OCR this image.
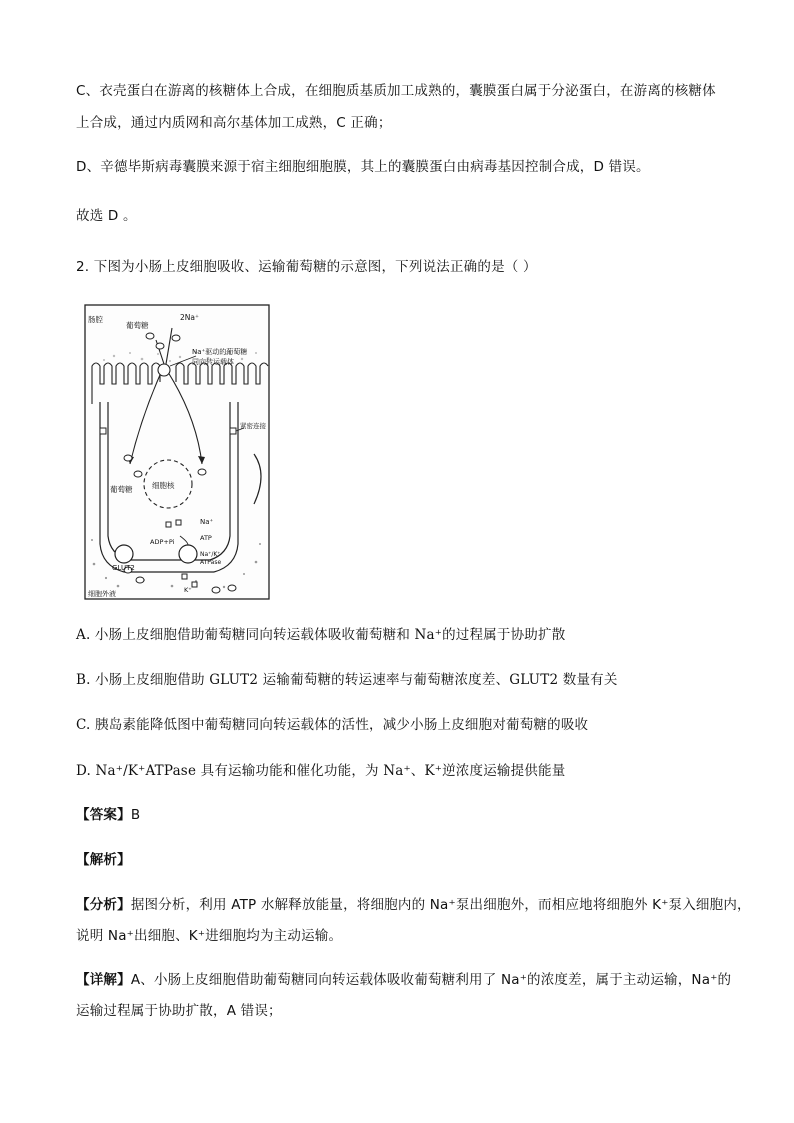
C、衣壳蛋白在游离的核糖体上合成，在细胞质基质加工成熟的，囊膜蛋白属于分泌蛋白，在游离的核糖体
上合成，通过内质网和高尔基体加工成熟，C 正确；
D、辛德毕斯病毒囊膜来源于宿主细胞细胞膜，其上的囊膜蛋白由病毒基因控制合成，D 错误。
故选 D 。
2. 下图为小肠上皮细胞吸收、运输葡萄糖的示意图，下列说法正确的是（ ）
肠腔
葡萄糖
2Na⁺
Na⁺驱动的葡萄糖
同向转运载体
紧密连接
细胞核
葡萄糖
Na⁺
ADP+Pi	ATP
GLUT2
Na⁺/K⁺
ATPase
K⁺
细胞外液
A. 小肠上皮细胞借助葡萄糖同向转运载体吸收葡萄糖和 Na⁺的过程属于协助扩散
B. 小肠上皮细胞借助 GLUT2 运输葡萄糖的转运速率与葡萄糖浓度差、GLUT2 数量有关
C. 胰岛素能降低图中葡萄糖同向转运载体的活性，减少小肠上皮细胞对葡萄糖的吸收
D. Na⁺/K⁺ATPase 具有运输功能和催化功能，为 Na⁺、K⁺逆浓度运输提供能量
【答案】B
【解析】
【分析】据图分析，利用 ATP 水解释放能量，将细胞内的 Na⁺泵出细胞外，而相应地将细胞外 K⁺泵入细胞内，
说明 Na⁺出细胞、K⁺进细胞均为主动运输。
【详解】A、小肠上皮细胞借助葡萄糖同向转运载体吸收葡萄糖利用了 Na⁺的浓度差，属于主动运输，Na⁺的
运输过程属于协助扩散，A 错误；
